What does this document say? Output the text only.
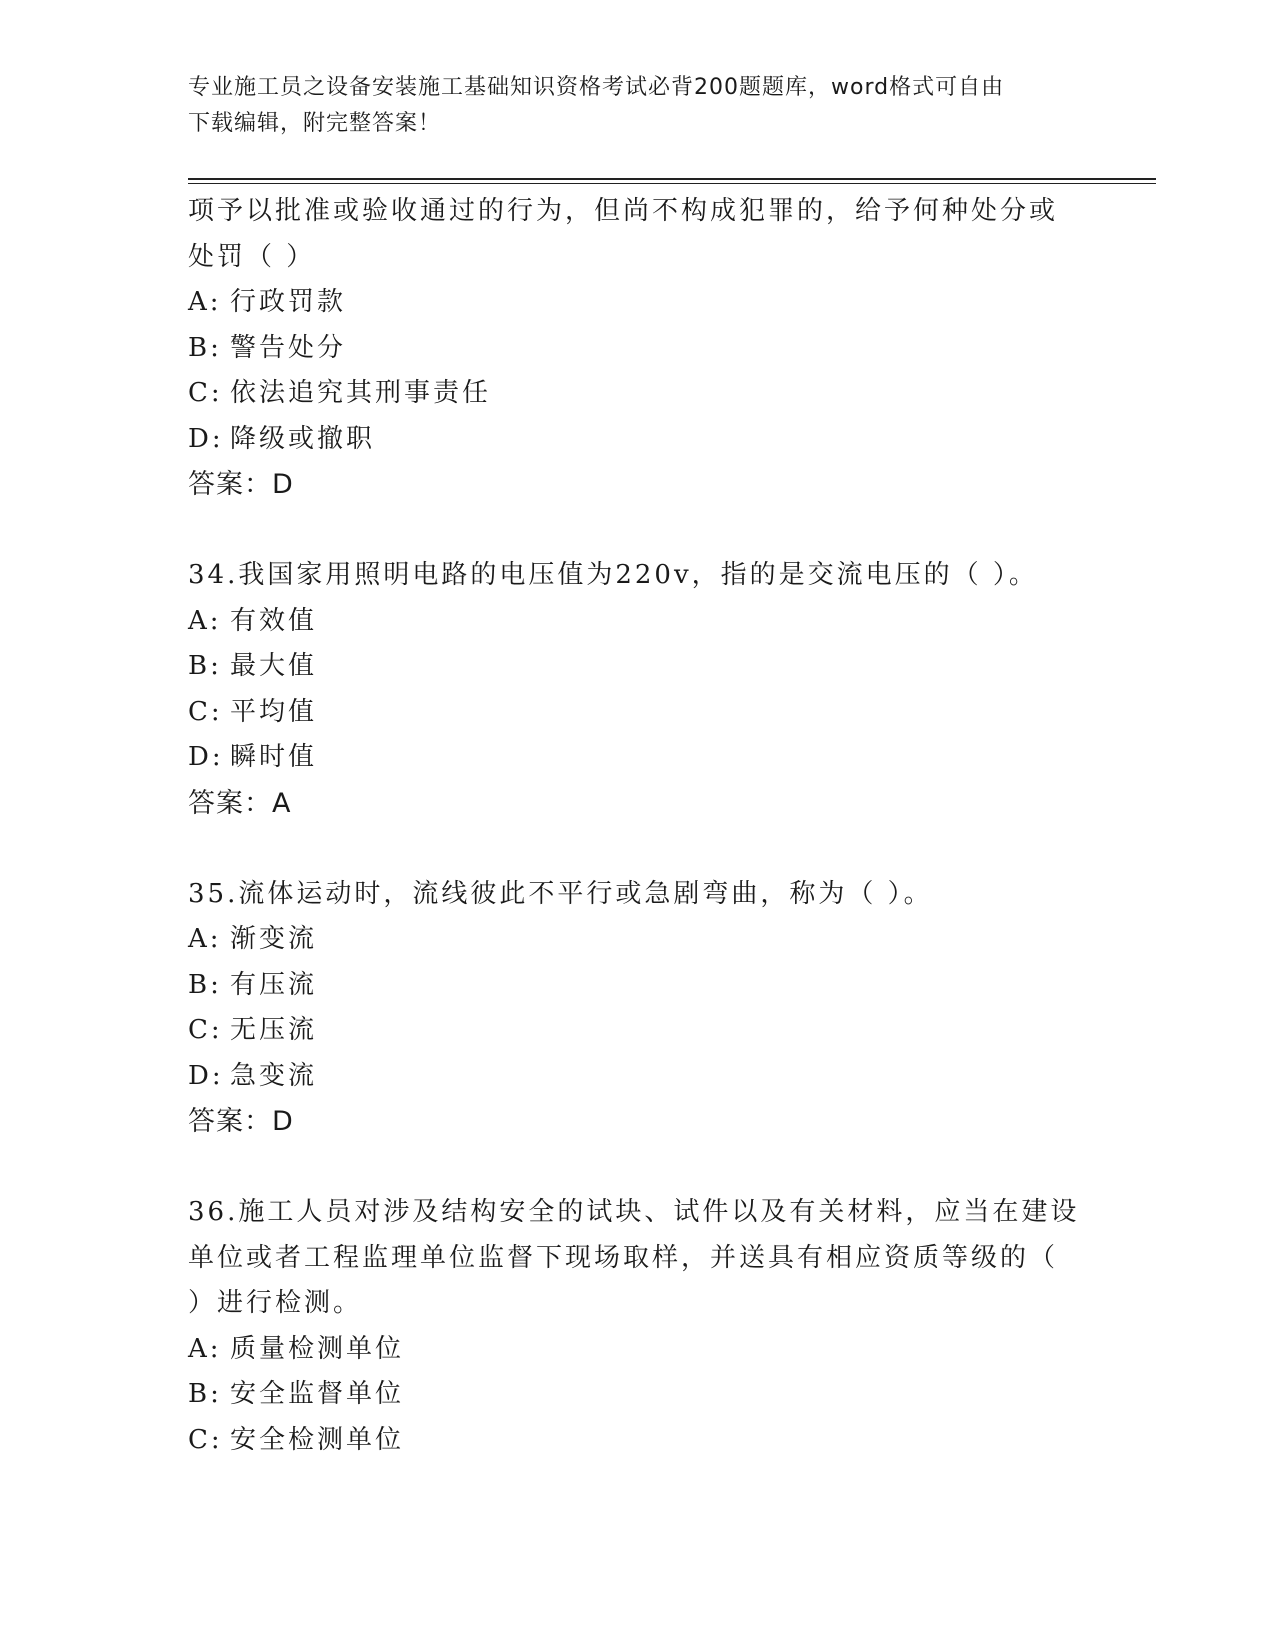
专业施工员之设备安装施工基础知识资格考试必背200题题库，word格式可自由
下载编辑，附完整答案！
项予以批准或验收通过的行为，但尚不构成犯罪的，给予何种处分或
处罚（ ）
A: 行政罚款
B: 警告处分
C: 依法追究其刑事责任
D: 降级或撤职
答案：D
34.我国家用照明电路的电压值为220v，指的是交流电压的（ ）。
A: 有效值
B: 最大值
C: 平均值
D: 瞬时值
答案：A
35.流体运动时，流线彼此不平行或急剧弯曲，称为（ ）。
A: 渐变流
B: 有压流
C: 无压流
D: 急变流
答案：D
36.施工人员对涉及结构安全的试块、试件以及有关材料，应当在建设
单位或者工程监理单位监督下现场取样，并送具有相应资质等级的（
）进行检测。
A: 质量检测单位
B: 安全监督单位
C: 安全检测单位
